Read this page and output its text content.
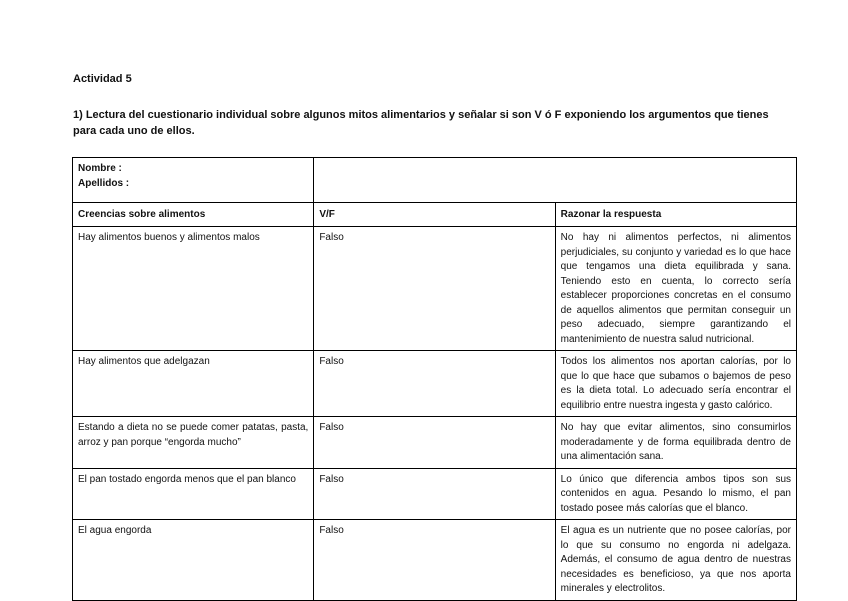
Actividad 5
1) Lectura del cuestionario individual sobre algunos mitos alimentarios y señalar si son V ó F exponiendo los argumentos que tienes para cada uno de ellos.
Nombre :
Apellidos :		

Creencias sobre alimentos	V/F	Razonar la respuesta
Hay alimentos buenos y alimentos malos	Falso	No hay ni alimentos perfectos, ni alimentos perjudiciales, su conjunto y variedad es lo que hace que tengamos una dieta equilibrada y sana. Teniendo esto en cuenta, lo correcto sería establecer proporciones concretas en el consumo de aquellos alimentos que permitan conseguir un peso adecuado, siempre garantizando el mantenimiento de nuestra salud nutricional.
Hay alimentos que adelgazan	Falso	Todos los alimentos nos aportan calorías, por lo que lo que hace que subamos o bajemos de peso es la dieta total. Lo adecuado sería encontrar el equilibrio entre nuestra ingesta y gasto calórico.
Estando a dieta no se puede comer patatas, pasta, arroz y pan porque “engorda mucho”	Falso	No hay que evitar alimentos, sino consumirlos moderadamente y de forma equilibrada dentro de una alimentación sana.
El pan tostado engorda menos que el pan blanco	Falso	Lo único que diferencia ambos tipos son sus contenidos en agua. Pesando lo mismo, el pan tostado posee más calorías que el blanco.
El agua engorda	Falso	El agua es un nutriente que no posee calorías, por lo que su consumo no engorda ni adelgaza. Además, el consumo de agua dentro de nuestras necesidades es beneficioso, ya que nos aporta minerales y electrolitos.
